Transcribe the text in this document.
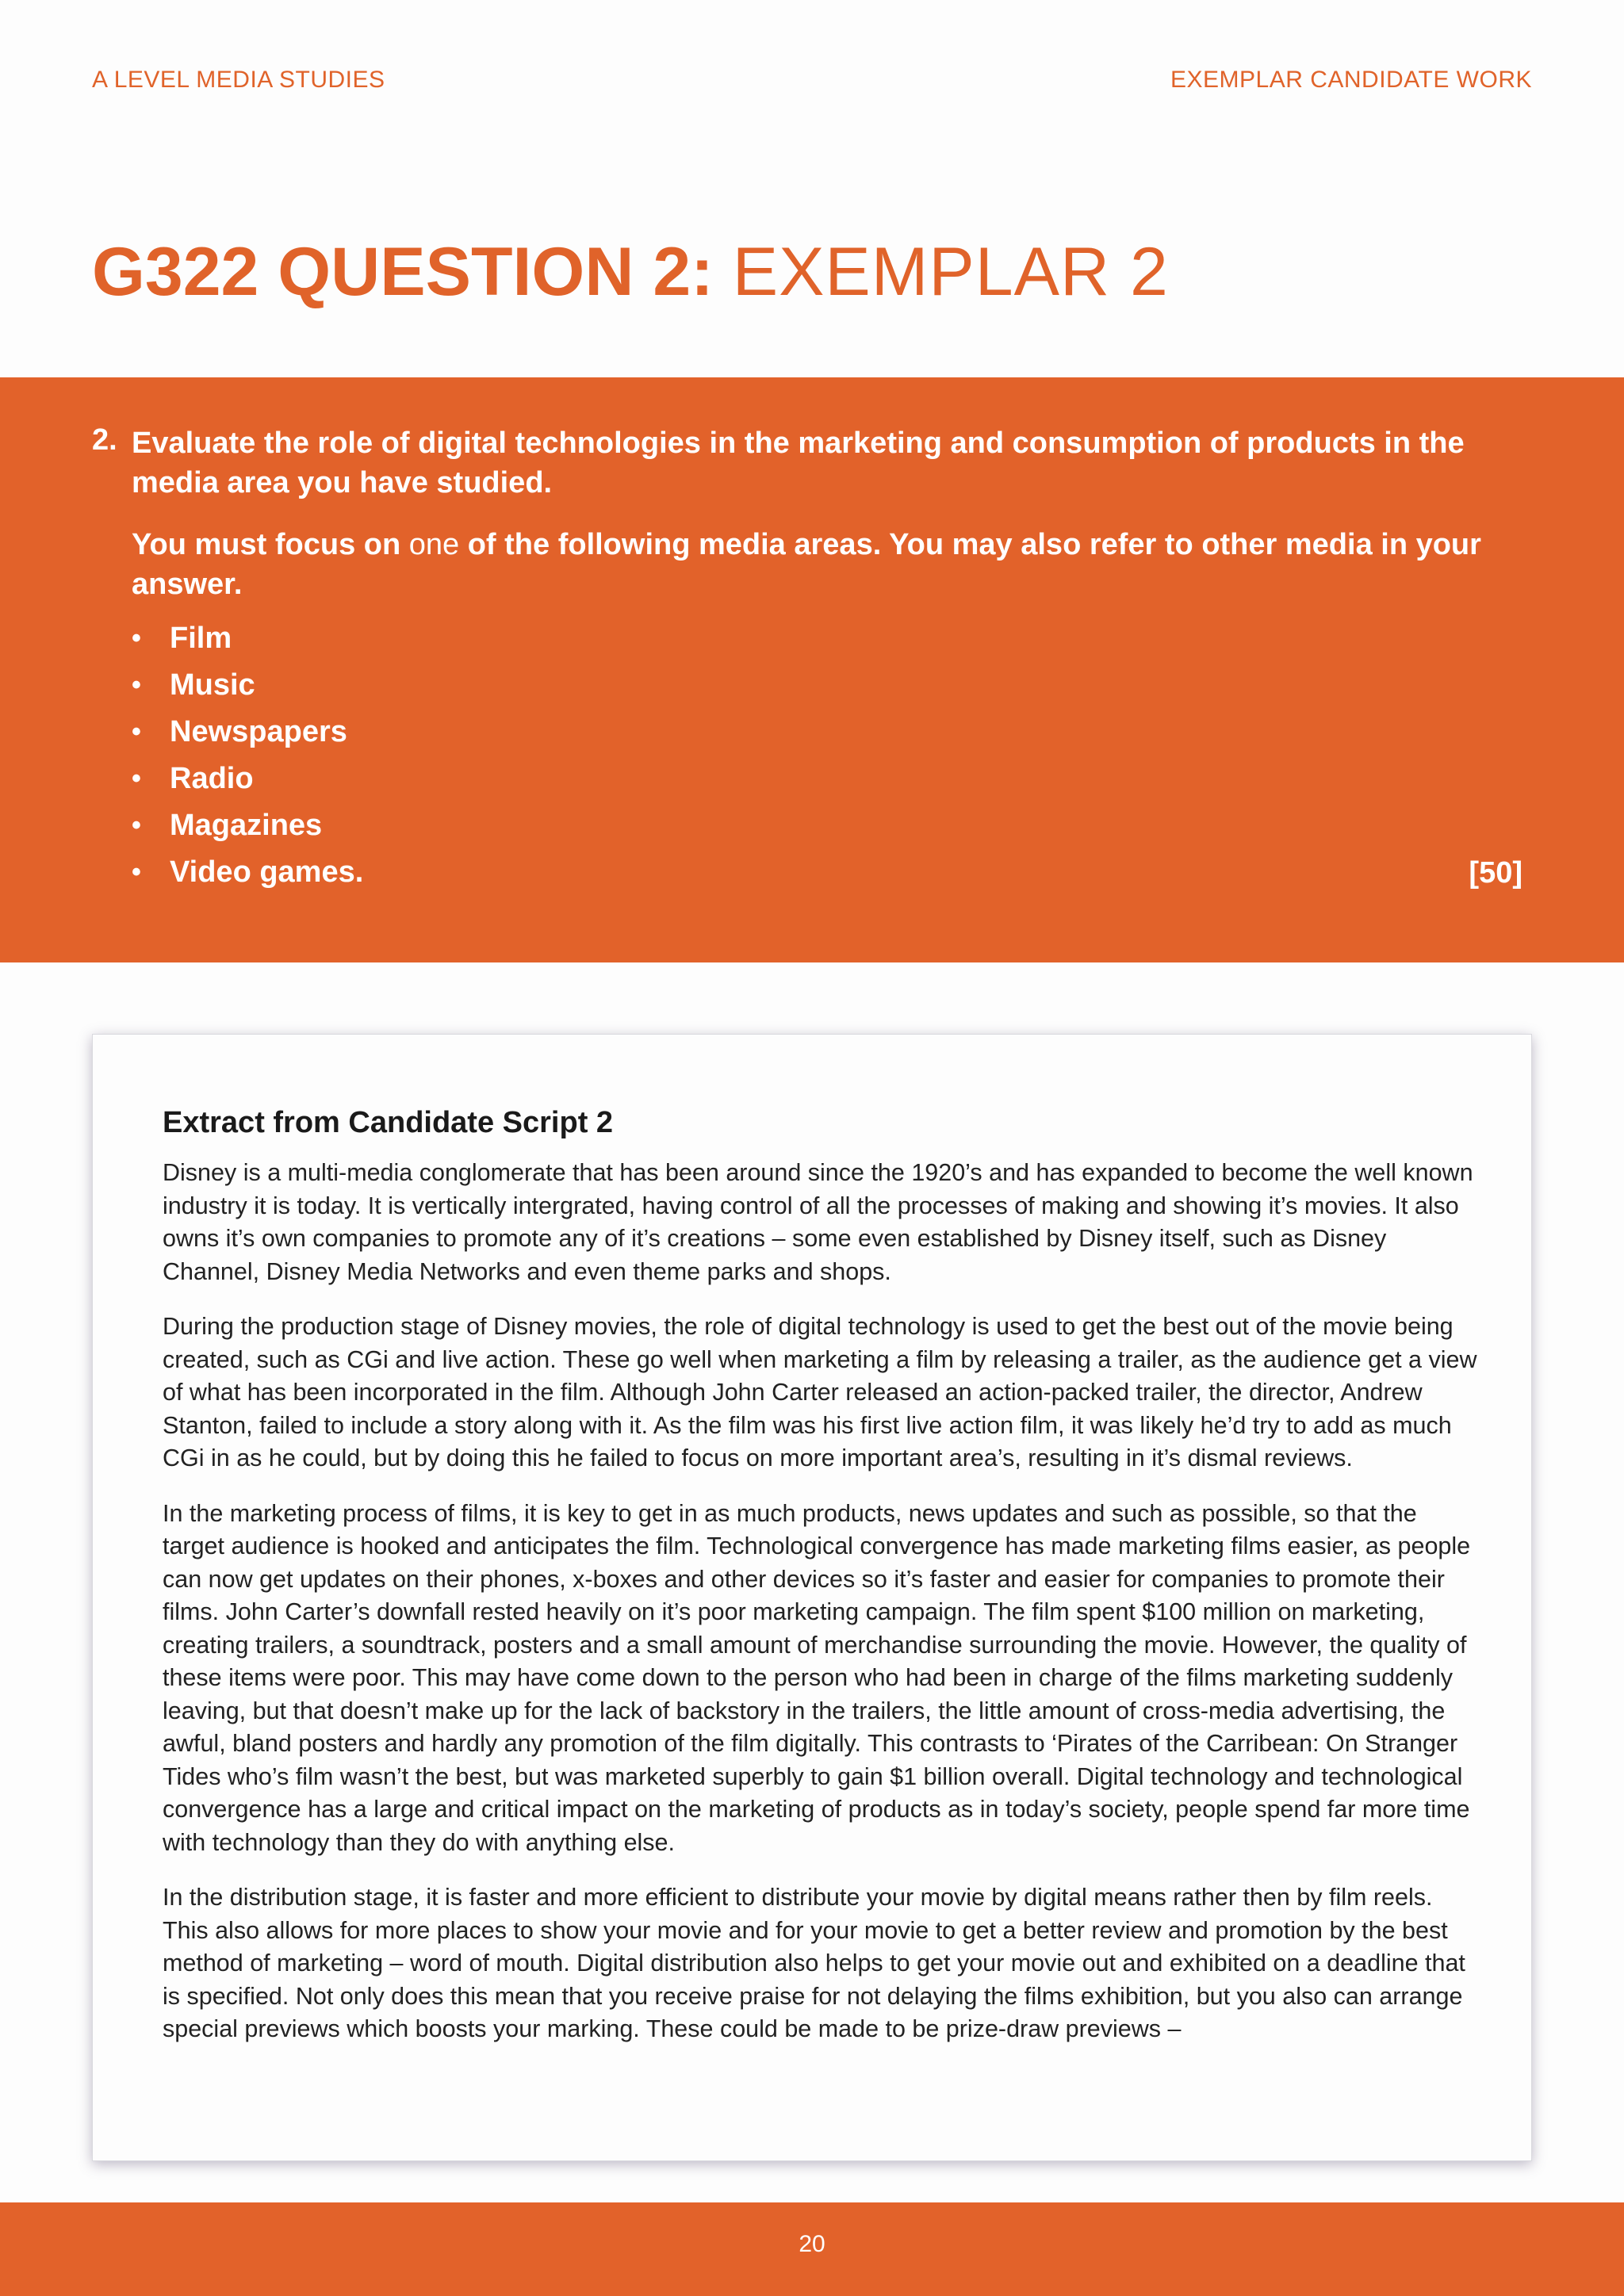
A LEVEL MEDIA STUDIES	EXEMPLAR CANDIDATE WORK
G322 QUESTION 2: EXEMPLAR 2
2. Evaluate the role of digital technologies in the marketing and consumption of products in the media area you have studied.

You must focus on one of the following media areas. You may also refer to other media in your answer.

• Film
• Music
• Newspapers
• Radio
• Magazines
• Video games.	[50]
Extract from Candidate Script 2

Disney is a multi-media conglomerate that has been around since the 1920’s and has expanded to become the well known industry it is today. It is vertically intergrated, having control of all the processes of making and showing it’s movies. It also owns it’s own companies to promote any of it’s creations – some even established by Disney itself, such as Disney Channel, Disney Media Networks and even theme parks and shops.

During the production stage of Disney movies, the role of digital technology is used to get the best out of the movie being created, such as CGi and live action. These go well when marketing a film by releasing a trailer, as the audience get a view of what has been incorporated in the film. Although John Carter released an action-packed trailer, the director, Andrew Stanton, failed to include a story along with it. As the film was his first live action film, it was likely he’d try to add as much CGi in as he could, but by doing this he failed to focus on more important area’s, resulting in it’s dismal reviews.

In the marketing process of films, it is key to get in as much products, news updates and such as possible, so that the target audience is hooked and anticipates the film. Technological convergence has made marketing films easier, as people can now get updates on their phones, x-boxes and other devices so it’s faster and easier for companies to promote their films. John Carter’s downfall rested heavily on it’s poor marketing campaign. The film spent $100 million on marketing, creating trailers, a soundtrack, posters and a small amount of merchandise surrounding the movie. However, the quality of these items were poor. This may have come down to the person who had been in charge of the films marketing suddenly leaving, but that doesn’t make up for the lack of backstory in the trailers, the little amount of cross-media advertising, the awful, bland posters and hardly any promotion of the film digitally. This contrasts to ‘Pirates of the Carribean: On Stranger Tides who’s film wasn’t the best, but was marketed superbly to gain $1 billion overall. Digital technology and technological convergence has a large and critical impact on the marketing of products as in today’s society, people spend far more time with technology than they do with anything else.

In the distribution stage, it is faster and more efficient to distribute your movie by digital means rather then by film reels. This also allows for more places to show your movie and for your movie to get a better review and promotion by the best method of marketing – word of mouth. Digital distribution also helps to get your movie out and exhibited on a deadline that is specified. Not only does this mean that you receive praise for not delaying the films exhibition, but you also can arrange special previews which boosts your marking. These could be made to be prize-draw previews –

20
